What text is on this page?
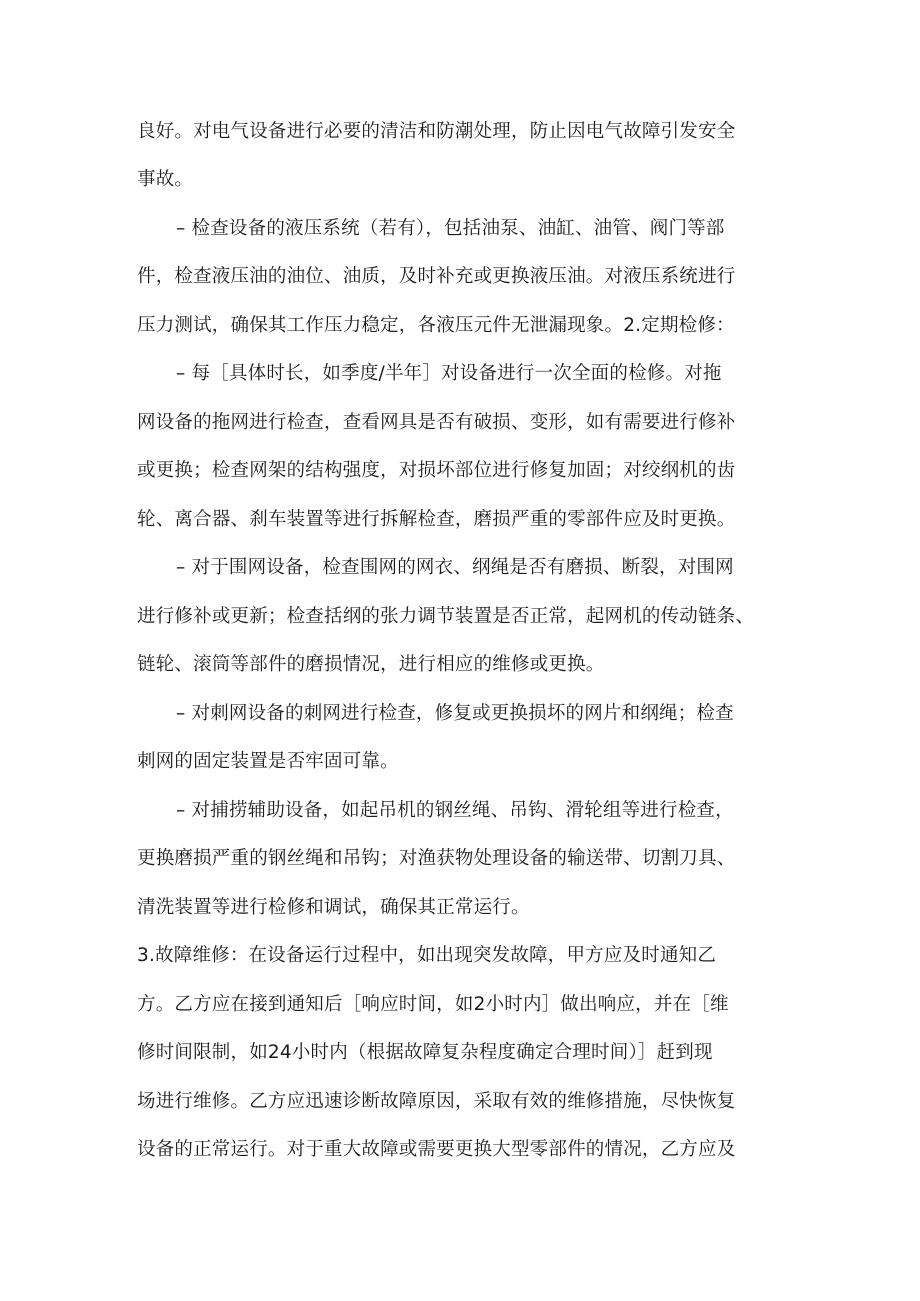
良好。对电气设备进行必要的清洁和防潮处理，防止因电气故障引发安全
事故。
– 检查设备的液压系统（若有），包括油泵、油缸、油管、阀门等部
件，检查液压油的油位、油质，及时补充或更换液压油。对液压系统进行
压力测试，确保其工作压力稳定，各液压元件无泄漏现象。2.定期检修：
– 每［具体时长，如季度/半年］对设备进行一次全面的检修。对拖
网设备的拖网进行检查，查看网具是否有破损、变形，如有需要进行修补
或更换；检查网架的结构强度，对损坏部位进行修复加固；对绞纲机的齿
轮、离合器、刹车装置等进行拆解检查，磨损严重的零部件应及时更换。
– 对于围网设备，检查围网的网衣、纲绳是否有磨损、断裂，对围网
进行修补或更新；检查括纲的张力调节装置是否正常，起网机的传动链条、
链轮、滚筒等部件的磨损情况，进行相应的维修或更换。
– 对刺网设备的刺网进行检查，修复或更换损坏的网片和纲绳；检查
刺网的固定装置是否牢固可靠。
– 对捕捞辅助设备，如起吊机的钢丝绳、吊钩、滑轮组等进行检查，
更换磨损严重的钢丝绳和吊钩；对渔获物处理设备的输送带、切割刀具、
清洗装置等进行检修和调试，确保其正常运行。
3.故障维修：在设备运行过程中，如出现突发故障，甲方应及时通知乙
方。乙方应在接到通知后［响应时间，如2小时内］做出响应，并在［维
修时间限制，如24小时内（根据故障复杂程度确定合理时间）］赶到现
场进行维修。乙方应迅速诊断故障原因，采取有效的维修措施，尽快恢复
设备的正常运行。对于重大故障或需要更换大型零部件的情况，乙方应及
